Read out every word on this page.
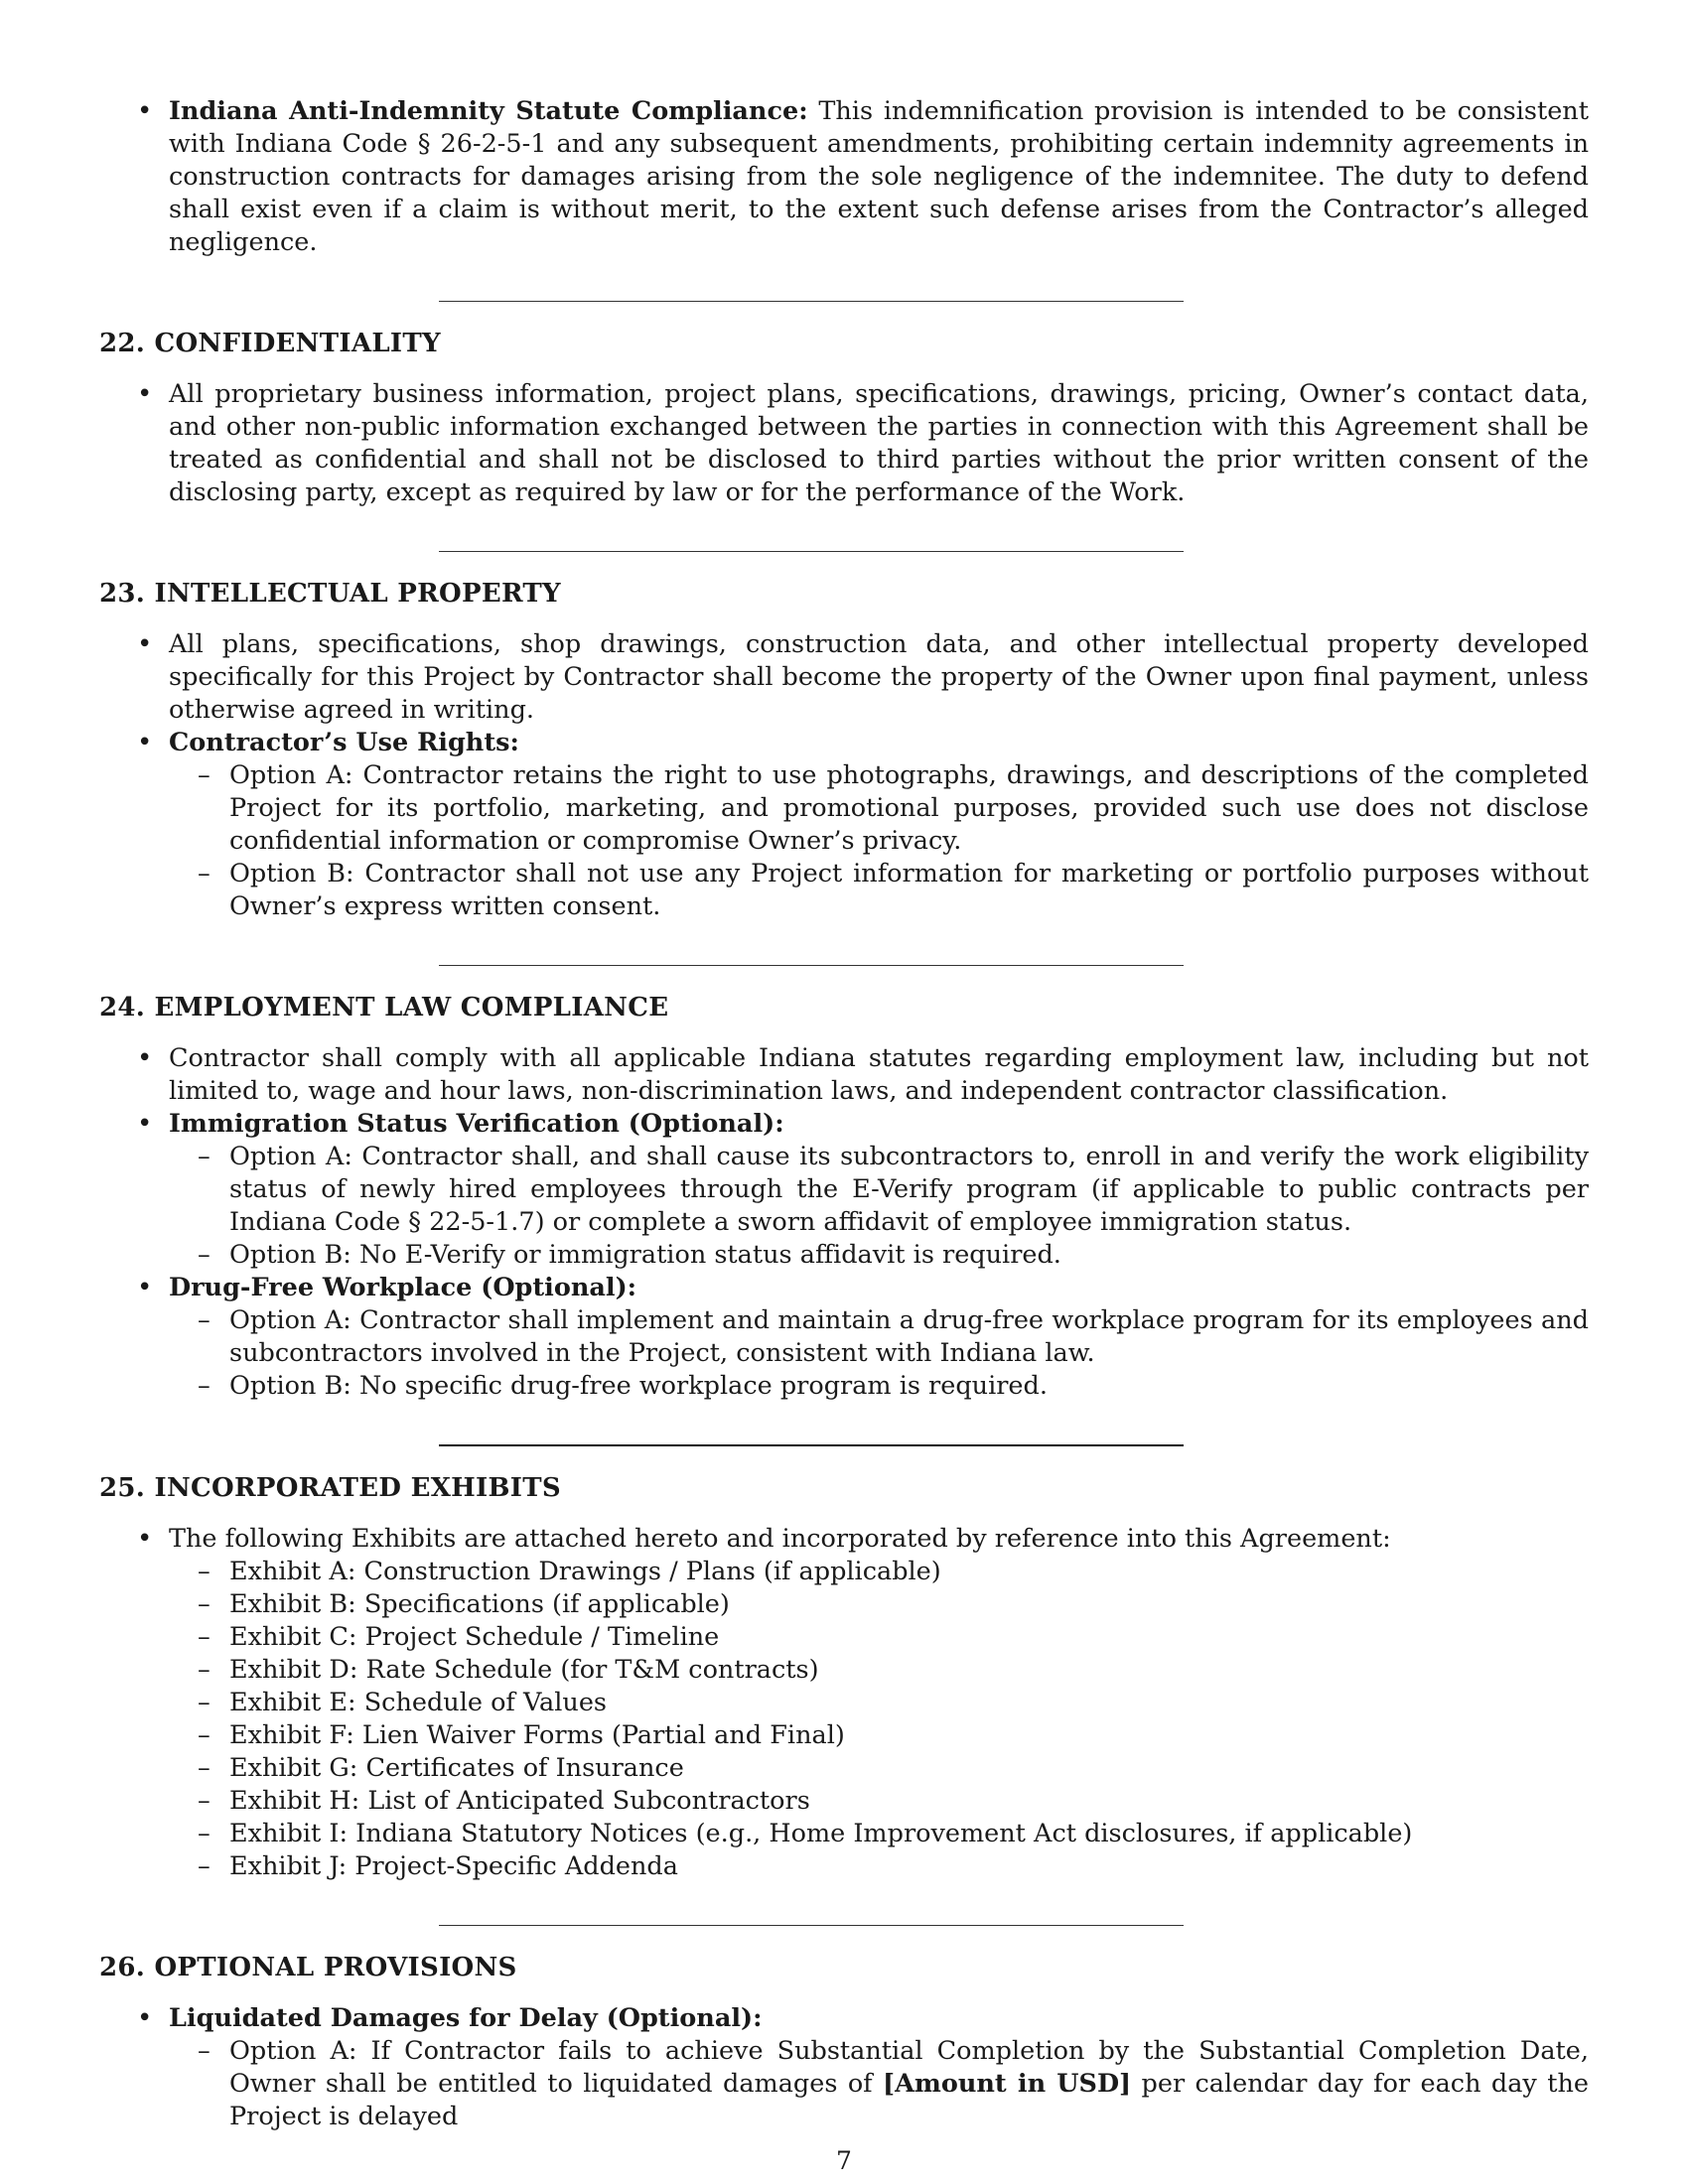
• Indiana Anti-Indemnity Statute Compliance: This indemnification provision is intended to be consistent with Indiana Code § 26-2-5-1 and any subsequent amendments, prohibiting certain indemnity agreements in construction contracts for damages arising from the sole negligence of the indemnitee. The duty to defend shall exist even if a claim is without merit, to the extent such defense arises from the Contractor’s alleged negligence.
22. CONFIDENTIALITY
• All proprietary business information, project plans, specifications, drawings, pricing, Owner’s contact data, and other non-public information exchanged between the parties in connection with this Agreement shall be treated as confidential and shall not be disclosed to third parties without the prior written consent of the disclosing party, except as required by law or for the performance of the Work.
23. INTELLECTUAL PROPERTY
• All plans, specifications, shop drawings, construction data, and other intellectual property developed specifically for this Project by Contractor shall become the property of the Owner upon final payment, unless otherwise agreed in writing.
• Contractor’s Use Rights:
– Option A: Contractor retains the right to use photographs, drawings, and descriptions of the completed Project for its portfolio, marketing, and promotional purposes, provided such use does not disclose confidential information or compromise Owner’s privacy.
– Option B: Contractor shall not use any Project information for marketing or portfolio purposes without Owner’s express written consent.
24. EMPLOYMENT LAW COMPLIANCE
• Contractor shall comply with all applicable Indiana statutes regarding employment law, including but not limited to, wage and hour laws, non-discrimination laws, and independent contractor classification.
• Immigration Status Verification (Optional):
– Option A: Contractor shall, and shall cause its subcontractors to, enroll in and verify the work eligibility status of newly hired employees through the E-Verify program (if applicable to public contracts per Indiana Code § 22-5-1.7) or complete a sworn affidavit of employee immigration status.
– Option B: No E-Verify or immigration status affidavit is required.
• Drug-Free Workplace (Optional):
– Option A: Contractor shall implement and maintain a drug-free workplace program for its employees and subcontractors involved in the Project, consistent with Indiana law.
– Option B: No specific drug-free workplace program is required.
25. INCORPORATED EXHIBITS
• The following Exhibits are attached hereto and incorporated by reference into this Agreement:
– Exhibit A: Construction Drawings / Plans (if applicable)
– Exhibit B: Specifications (if applicable)
– Exhibit C: Project Schedule / Timeline
– Exhibit D: Rate Schedule (for T&M contracts)
– Exhibit E: Schedule of Values
– Exhibit F: Lien Waiver Forms (Partial and Final)
– Exhibit G: Certificates of Insurance
– Exhibit H: List of Anticipated Subcontractors
– Exhibit I: Indiana Statutory Notices (e.g., Home Improvement Act disclosures, if applicable)
– Exhibit J: Project-Specific Addenda
26. OPTIONAL PROVISIONS
• Liquidated Damages for Delay (Optional):
– Option A: If Contractor fails to achieve Substantial Completion by the Substantial Completion Date, Owner shall be entitled to liquidated damages of [Amount in USD] per calendar day for each day the Project is delayed
7
